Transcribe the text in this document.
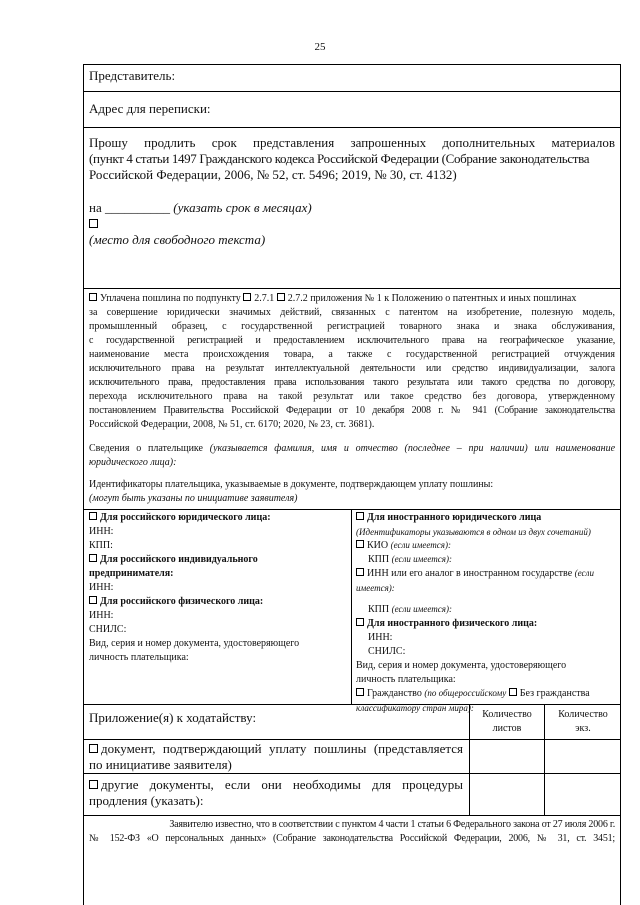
25
Представитель:
Адрес для переписки:
Прошу продлить срок представления запрошенных дополнительных материалов
(пункт 4 статьи 1497 Гражданского кодекса Российской Федерации (Собрание законодательства
Российской Федерации, 2006, № 52, ст. 5496; 2019, № 30, ст. 4132)
на __________ (указать срок в месяцах)
(место для свободного текста)
Уплачена пошлина по подпункту 2.7.1 2.7.2 приложения № 1 к Положению о патентных и иных пошлинах
за совершение юридически значимых действий, связанных с патентом на изобретение, полезную модель,
промышленный образец, с государственной регистрацией товарного знака и знака обслуживания,
с государственной регистрацией и предоставлением исключительного права на географическое указание,
наименование места происхождения товара, а также с государственной регистрацией отчуждения
исключительного права на результат интеллектуальной деятельности или средство индивидуализации, залога
исключительного права, предоставления права использования такого результата или такого средства по договору,
перехода исключительного права на такой результат или такое средство без договора, утвержденному
постановлением Правительства Российской Федерации от 10 декабря 2008 г. № 941 (Собрание законодательства
Российской Федерации, 2008, № 51, ст. 6170; 2020, № 23, ст. 3681).
Сведения о плательщике (указывается фамилия, имя и отчество (последнее – при наличии) или наименование
юридического лица):
Идентификаторы плательщика, указываемые в документе, подтверждающем уплату пошлины:
(могут быть указаны по инициативе заявителя)
Для российского юридического лица:
ИНН:
КПП:
Для российского индивидуального
предпринимателя:
ИНН:
Для российского физического лица:
ИНН:
СНИЛС:
Вид, серия и номер документа, удостоверяющего
личность плательщика:
Для иностранного юридического лица
(Идентификаторы указываются в одном из двух сочетаний)
КИО (если имеется):
КПП (если имеется):
ИНН или его аналог в иностранном государстве (если
имеется):
КПП (если имеется):
Для иностранного физического лица:
ИНН:
СНИЛС:
Вид, серия и номер документа, удостоверяющего
личность плательщика:
Гражданство (по общероссийскому Без гражданства
классификатору стран мира):
Приложение(я) к ходатайству:	Количество
листов
Количество
экз.
документ, подтверждающий уплату пошлины (представляется
по инициативе заявителя)
другие документы, если они необходимы для процедуры
продления (указать):
Заявителю известно, что в соответствии с пунктом 4 части 1 статьи 6 Федерального закона от 27 июля 2006 г.
№ 152-ФЗ «О персональных данных» (Собрание законодательства Российской Федерации, 2006, № 31, ст. 3451;
